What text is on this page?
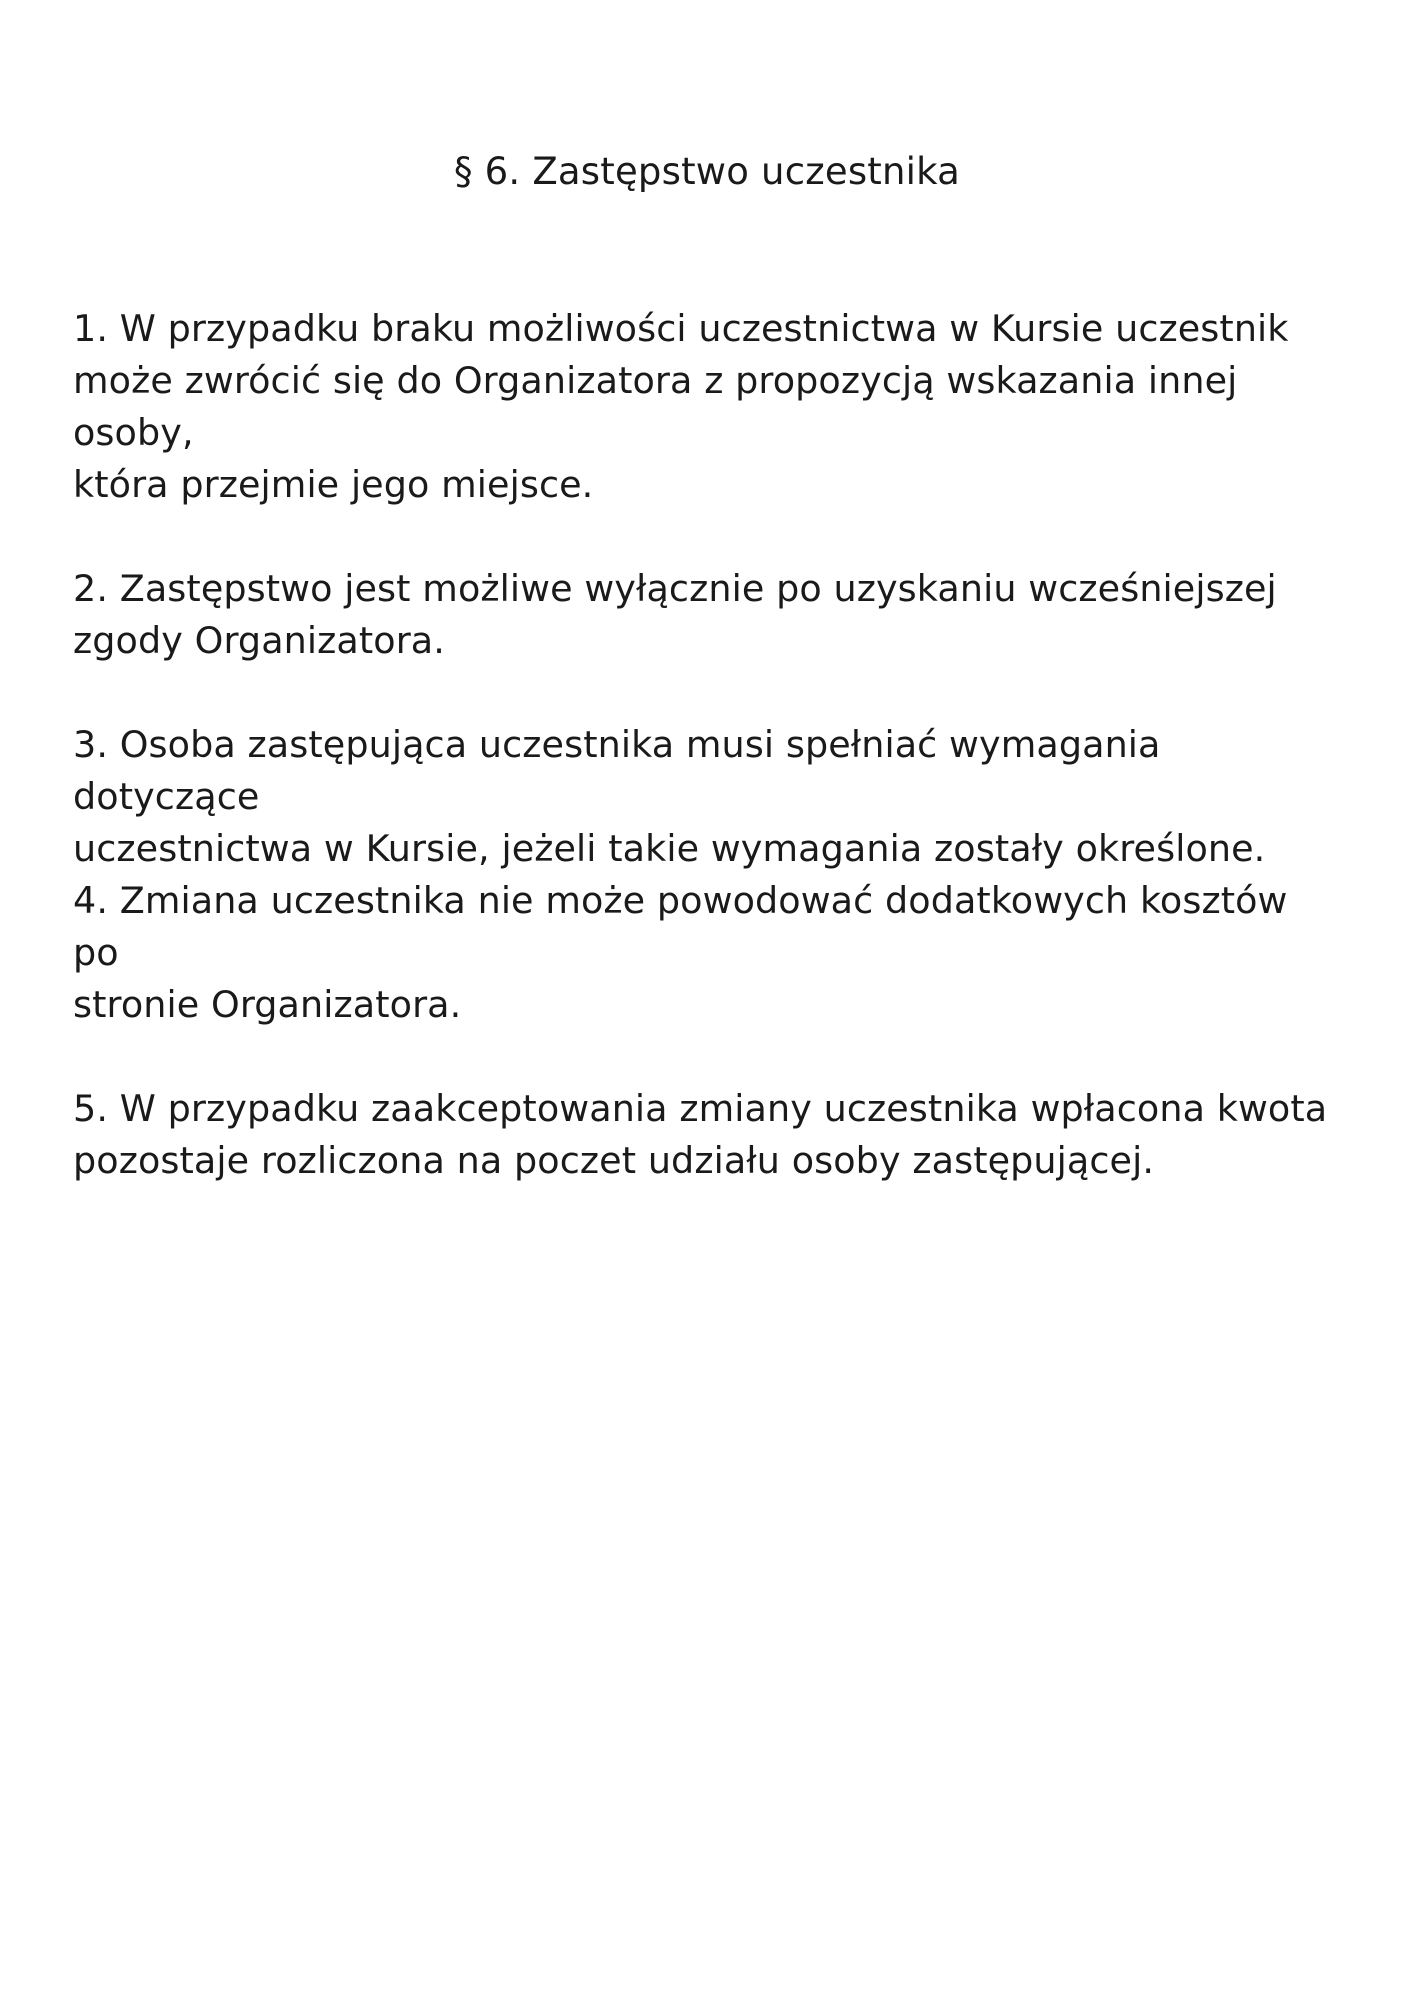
§ 6. Zastępstwo uczestnika
1. W przypadku braku możliwości uczestnictwa w Kursie uczestnik
może zwrócić się do Organizatora z propozycją wskazania innej osoby,
która przejmie jego miejsce.
2. Zastępstwo jest możliwe wyłącznie po uzyskaniu wcześniejszej
zgody Organizatora.
3. Osoba zastępująca uczestnika musi spełniać wymagania dotyczące
uczestnictwa w Kursie, jeżeli takie wymagania zostały określone.
4. Zmiana uczestnika nie może powodować dodatkowych kosztów po
stronie Organizatora.
5. W przypadku zaakceptowania zmiany uczestnika wpłacona kwota
pozostaje rozliczona na poczet udziału osoby zastępującej.
